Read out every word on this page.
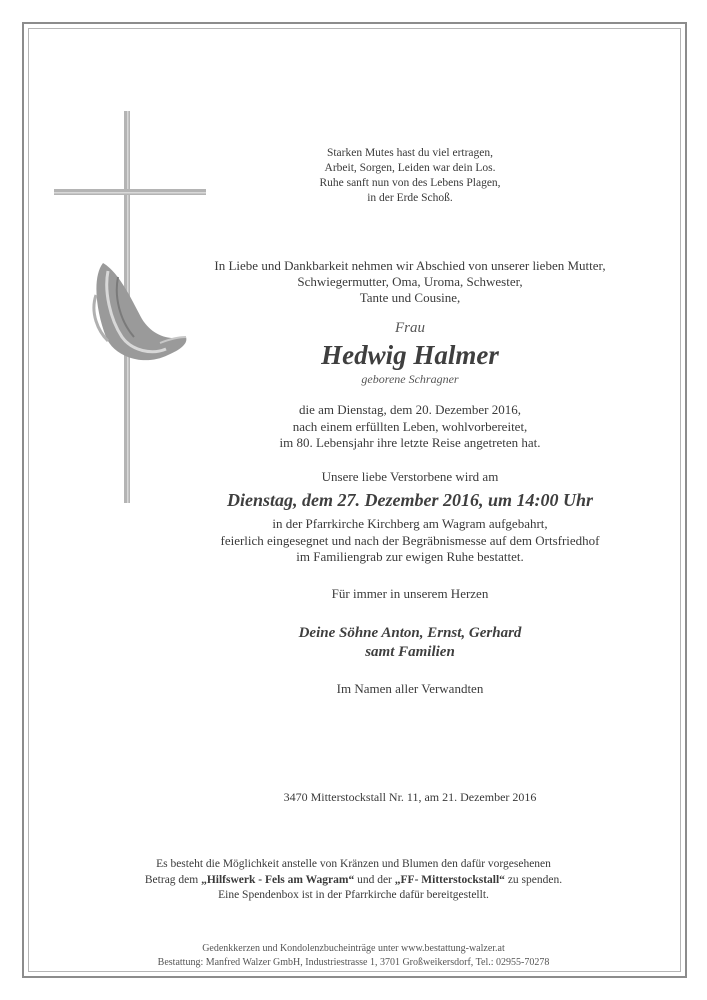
Starken Mutes hast du viel ertragen,
Arbeit, Sorgen, Leiden war dein Los.
Ruhe sanft nun von des Lebens Plagen,
in der Erde Schoß.
In Liebe und Dankbarkeit nehmen wir Abschied von unserer lieben Mutter,
Schwiegermutter, Oma, Uroma, Schwester,
Tante und Cousine,
Frau
Hedwig Halmer
geborene Schragner
die am Dienstag, dem 20. Dezember 2016,
nach einem erfüllten Leben, wohlvorbereitet,
im 80. Lebensjahr ihre letzte Reise angetreten hat.
Unsere liebe Verstorbene wird am
Dienstag, dem 27. Dezember 2016, um 14:00 Uhr
in der Pfarrkirche Kirchberg am Wagram aufgebahrt,
feierlich eingesegnet und nach der Begräbnismesse auf dem Ortsfriedhof
im Familiengrab zur ewigen Ruhe bestattet.
Für immer in unserem Herzen
Deine Söhne Anton, Ernst, Gerhard
samt Familien
Im Namen aller Verwandten
3470 Mitterstockstall Nr. 11, am 21. Dezember 2016
Es besteht die Möglichkeit anstelle von Kränzen und Blumen den dafür vorgesehenen
Betrag dem „Hilfswerk - Fels am Wagram“ und der „FF- Mitterstockstall“ zu spenden.
Eine Spendenbox ist in der Pfarrkirche dafür bereitgestellt.
Gedenkkerzen und Kondolenzbucheinträge unter www.bestattung-walzer.at
Bestattung: Manfred Walzer GmbH, Industriestrasse 1, 3701 Großweikersdorf, Tel.: 02955-70278
